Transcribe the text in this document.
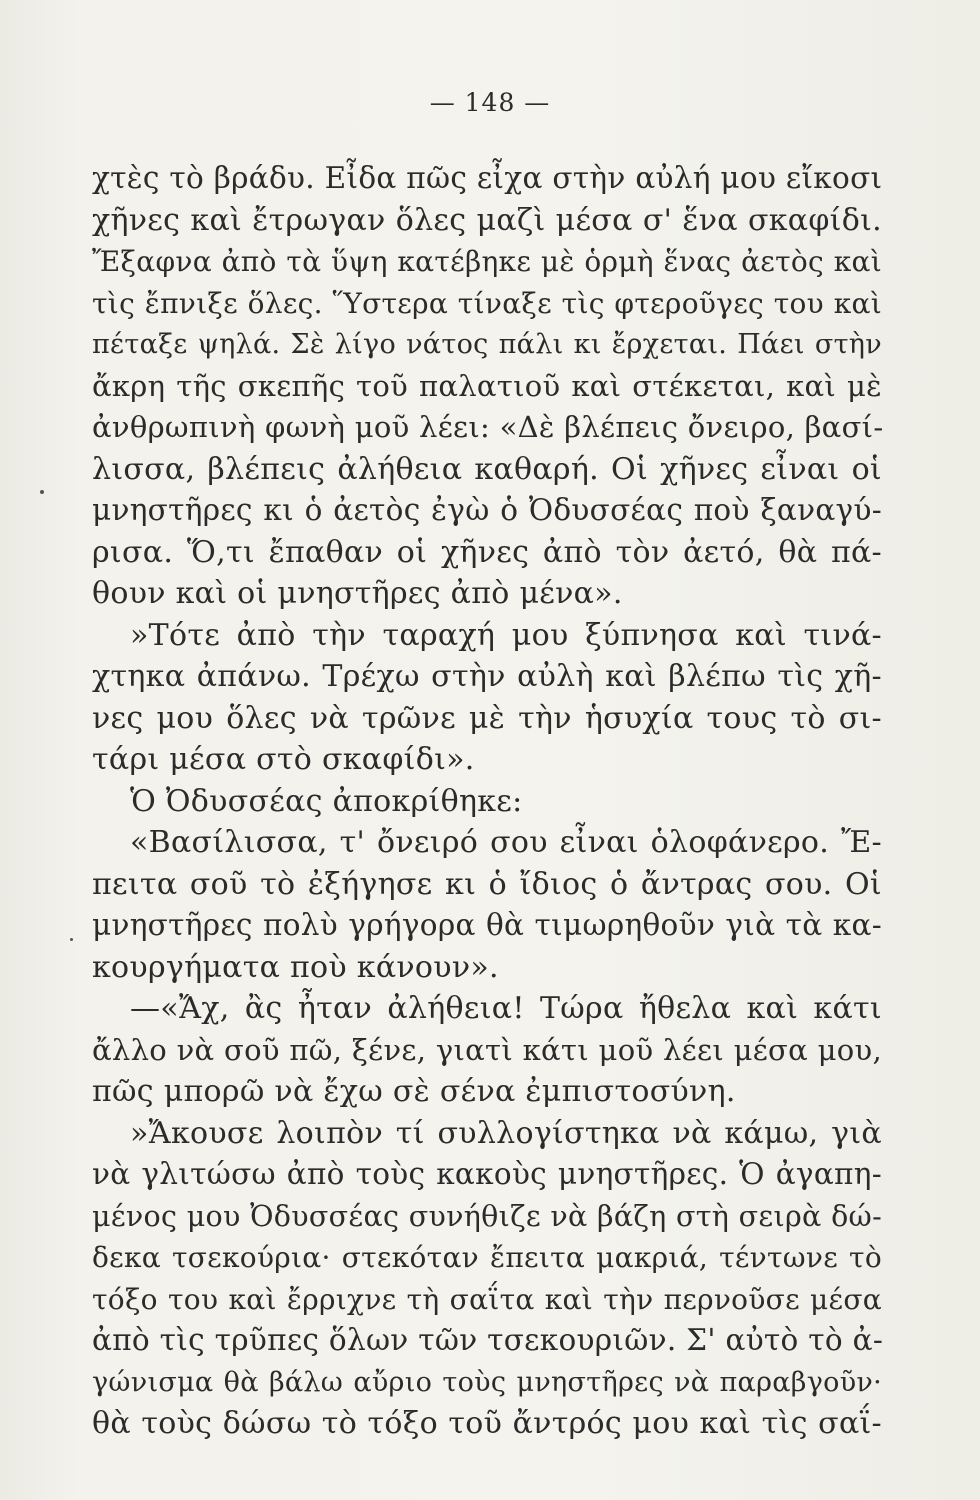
— 148 —
χτὲς τὸ βράδυ. Εἶδα πῶς εἶχα στὴν αὐλή μου εἴκοσι
χῆνες καὶ ἔτρωγαν ὅλες μαζὶ μέσα σ' ἕνα σκαφίδι.
Ἔξαφνα ἀπὸ τὰ ὕψη κατέβηκε μὲ ὁρμὴ ἕνας ἀετὸς καὶ
τὶς ἔπνιξε ὅλες. Ὕστερα τίναξε τὶς φτεροῦγες του καὶ
πέταξε ψηλά. Σὲ λίγο νάτος πάλι κι ἔρχεται. Πάει στὴν
ἄκρη τῆς σκεπῆς τοῦ παλατιοῦ καὶ στέκεται, καὶ μὲ
ἀνθρωπινὴ φωνὴ μοῦ λέει: «Δὲ βλέπεις ὄνειρο, βασί-
λισσα, βλέπεις ἀλήθεια καθαρή. Οἱ χῆνες εἶναι οἱ
μνηστῆρες κι ὁ ἀετὸς ἐγὼ ὁ Ὀδυσσέας ποὺ ξαναγύ-
ρισα. Ὅ,τι ἔπαθαν οἱ χῆνες ἀπὸ τὸν ἀετό, θὰ πά-
θουν καὶ οἱ μνηστῆρες ἀπὸ μένα».
»Τότε ἀπὸ τὴν ταραχή μου ξύπνησα καὶ τινά-
χτηκα ἀπάνω. Τρέχω στὴν αὐλὴ καὶ βλέπω τὶς χῆ-
νες μου ὅλες νὰ τρῶνε μὲ τὴν ἡσυχία τους τὸ σι-
τάρι μέσα στὸ σκαφίδι».
Ὁ Ὀδυσσέας ἀποκρίθηκε:
«Βασίλισσα, τ' ὄνειρό σου εἶναι ὁλοφάνερο. Ἔ-
πειτα σοῦ τὸ ἐξήγησε κι ὁ ἴδιος ὁ ἄντρας σου. Οἱ
μνηστῆρες πολὺ γρήγορα θὰ τιμωρηθοῦν γιὰ τὰ κα-
κουργήματα ποὺ κάνουν».
—«Ἄχ, ἂς ἦταν ἀλήθεια! Τώρα ἤθελα καὶ κάτι
ἄλλο νὰ σοῦ πῶ, ξένε, γιατὶ κάτι μοῦ λέει μέσα μου,
πῶς μπορῶ νὰ ἔχω σὲ σένα ἐμπιστοσύνη.
»Ἄκουσε λοιπὸν τί συλλογίστηκα νὰ κάμω, γιὰ
νὰ γλιτώσω ἀπὸ τοὺς κακοὺς μνηστῆρες. Ὁ ἀγαπη-
μένος μου Ὀδυσσέας συνήθιζε νὰ βάζη στὴ σειρὰ δώ-
δεκα τσεκούρια· στεκόταν ἔπειτα μακριά, τέντωνε τὸ
τόξο του καὶ ἔρριχνε τὴ σαΐτα καὶ τὴν περνοῦσε μέσα
ἀπὸ τὶς τρῦπες ὅλων τῶν τσεκουριῶν. Σ' αὐτὸ τὸ ἀ-
γώνισμα θὰ βάλω αὔριο τοὺς μνηστῆρες νὰ παραβγοῦν·
θὰ τοὺς δώσω τὸ τόξο τοῦ ἄντρός μου καὶ τὶς σαΐ-
